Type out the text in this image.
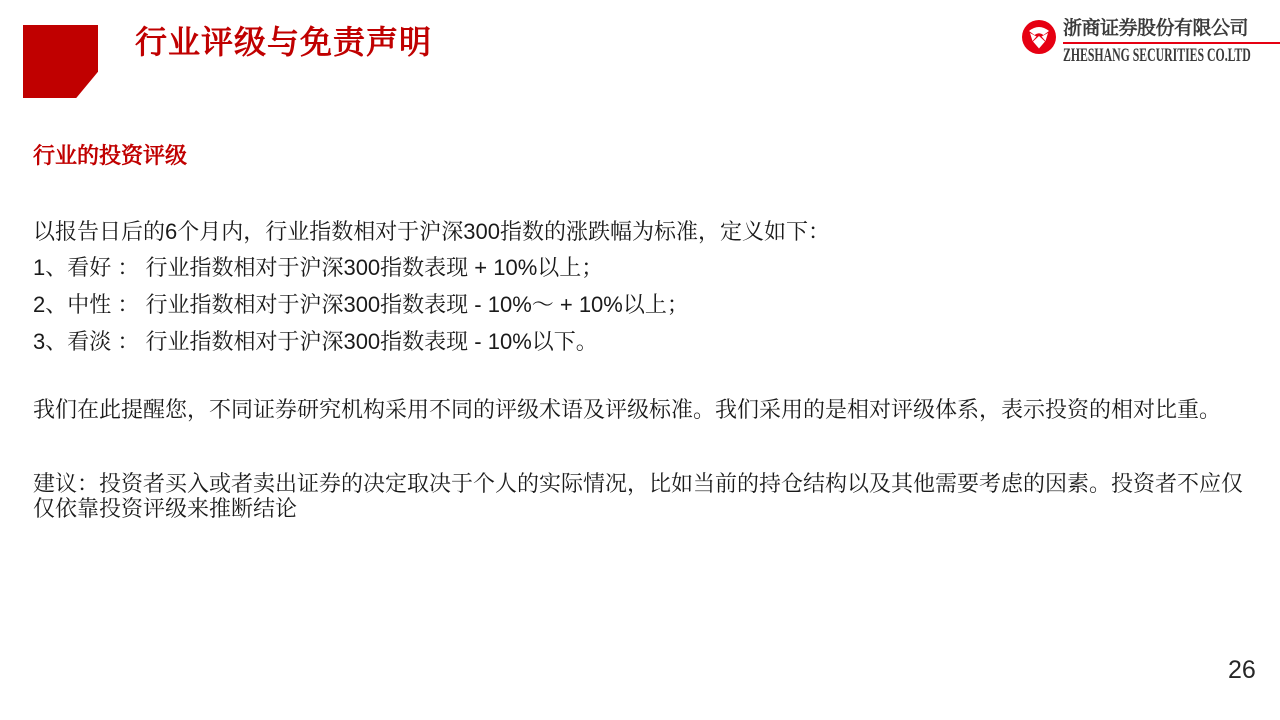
行业评级与免责声明	浙商证券股份有限公司
ZHESHANG SECURITIES CO.LTD
行业的投资评级

以报告日后的6个月内，行业指数相对于沪深300指数的涨跌幅为标准，定义如下：

1、看好 ： 行业指数相对于沪深300指数表现 + 10%以上；

2、中性 ： 行业指数相对于沪深300指数表现 - 10%～ + 10%以上；

3、看淡 ： 行业指数相对于沪深300指数表现 - 10%以下。

我们在此提醒您，不同证券研究机构采用不同的评级术语及评级标准。我们采用的是相对评级体系，表示投资的相对比重。

建议：投资者买入或者卖出证券的决定取决于个人的实际情况，比如当前的持仓结构以及其他需要考虑的因素。投资者不应仅仅依靠投资评级来推断结论

26
